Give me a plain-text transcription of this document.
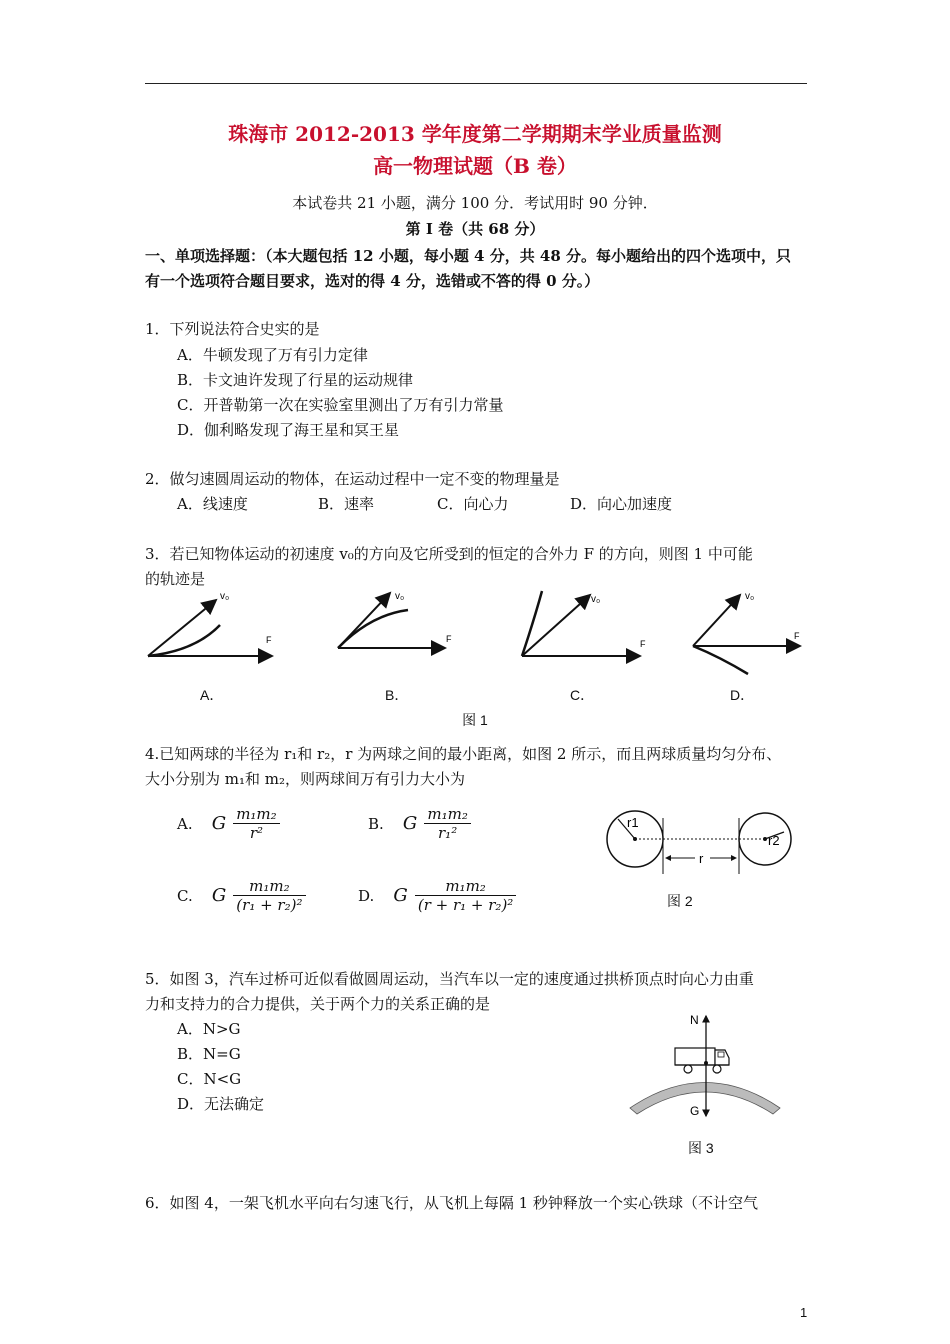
珠海市 2012-2013 学年度第二学期期末学业质量监测
高一物理试题（B 卷）
本试卷共 21 小题，满分 100 分．考试用时 90 分钟．
第 I 卷（共 68 分）
一、单项选择题：（本大题包括 12 小题，每小题 4 分，共 48 分。每小题给出的四个选项中，只
有一个选项符合题目要求，选对的得 4 分，选错或不答的得 0 分。）
1．下列说法符合史实的是
A．牛顿发现了万有引力定律
B．卡文迪许发现了行星的运动规律
C．开普勒第一次在实验室里测出了万有引力常量
D．伽利略发现了海王星和冥王星
2．做匀速圆周运动的物体，在运动过程中一定不变的物理量是
A．线速度	B．速率	C．向心力	D．向心加速度
3．若已知物体运动的初速度 v₀的方向及它所受到的恒定的合外力 F 的方向，则图 1 中可能
的轨迹是
v₀
F
v₀
F
v₀
F
v₀
F
A．	B．	C．	D．
图 1
4.已知两球的半径为 r₁和 r₂，r 为两球之间的最小距离，如图 2 所示，而且两球质量均匀分布、
大小分别为 m₁和 m₂，则两球间万有引力大小为
A. G $\frac{\text{m₁m₂}}{\text{r²}}$	B. G $\frac{\text{m₁m₂}}{\text{r₁²}}$
C. G $\frac{\text{m₁m₂}}{\text{(r₁ + r₂)²}}$	D. G $\frac{\text{m₁m₂}}{\text{(r + r₁ + r₂)²}}$
r1
r2
r
图 2
5．如图 3，汽车过桥可近似看做圆周运动，当汽车以一定的速度通过拱桥顶点时向心力由重
力和支持力的合力提供，关于两个力的关系正确的是
A．N>G
B．N=G
C．N<G
D．无法确定
N
G
图 3
6．如图 4，一架飞机水平向右匀速飞行，从飞机上每隔 1 秒钟释放一个实心铁球（不计空气
1
